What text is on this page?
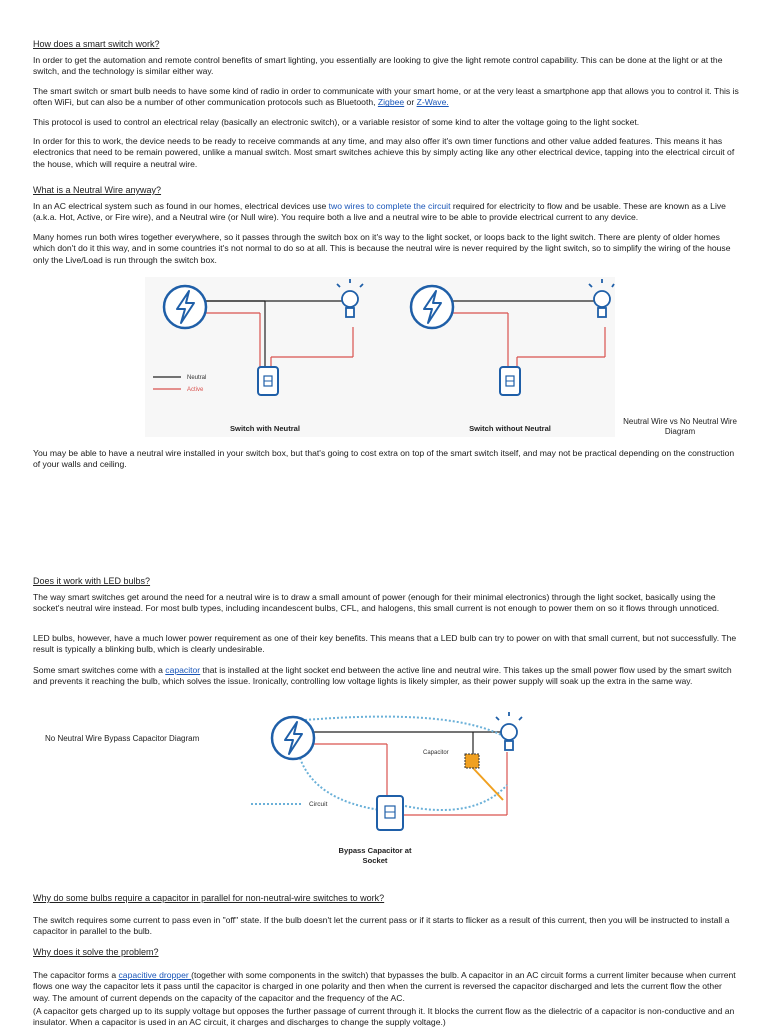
How does a smart switch work?

In order to get the automation and remote control benefits of smart lighting, you essentially are looking to give the light remote control capability. This can be done at the light or at the switch, and the technology is similar either way.

The smart switch or smart bulb needs to have some kind of radio in order to communicate with your smart home, or at the very least a smartphone app that allows you to control it. This is often WiFi, but can also be a number of other communication protocols such as Bluetooth, Zigbee or Z-Wave.

This protocol is used to control an electrical relay (basically an electronic switch), or a variable resistor of some kind to alter the voltage going to the light socket.

In order for this to work, the device needs to be ready to receive commands at any time, and may also offer it's own timer functions and other value added features. This means it has electronics that need to be remain powered, unlike a manual switch. Most smart switches achieve this by simply acting like any other electrical device, tapping into the electrical circuit of the house, which will require a neutral wire.

What is a Neutral Wire anyway?

In an AC electrical system such as found in our homes, electrical devices use two wires to complete the circuit required for electricity to flow and be usable. These are known as a Live (a.k.a. Hot, Active, or Fire wire), and a Neutral wire (or Null wire). You require both a live and a neutral wire to be able to provide electrical current to any device.

Many homes run both wires together everywhere, so it passes through the switch box on it's way to the light socket, or loops back to the light switch. There are plenty of older homes which don't do it this way, and in some countries it's not normal to do so at all. This is because the neutral wire is never required by the light switch, so to simplify the wiring of the house only the Live/Load is run through the switch box.

Neutral
Active
Switch with Neutral	Switch without Neutral
Neutral Wire vs No Neutral Wire Diagram

You may be able to have a neutral wire installed in your switch box, but that's going to cost extra on top of the smart switch itself, and may not be practical depending on the construction of your walls and ceiling.

Does it work with LED bulbs?

The way smart switches get around the need for a neutral wire is to draw a small amount of power (enough for their minimal electronics) through the light socket, basically using the socket's neutral wire instead. For most bulb types, including incandescent bulbs, CFL, and halogens, this small current is not enough to power them on so it flows through unnoticed.

LED bulbs, however, have a much lower power requirement as one of their key benefits. This means that a LED bulb can try to power on with that small current, but not successfully. The result is typically a blinking bulb, which is clearly undesirable.

Some smart switches come with a capacitor that is installed at the light socket end between the active line and neutral wire. This takes up the small power flow used by the smart switch and prevents it reaching the bulb, which solves the issue. Ironically, controlling low voltage lights is likely simpler, as their power supply will soak up the extra in the same way.

No Neutral Wire Bypass Capacitor Diagram
Capacitor
Circuit
Bypass Capacitor at Socket

Why do some bulbs require a capacitor in parallel for non-neutral-wire switches to work?

The switch requires some current to pass even in "off" state. If the bulb doesn't let the current pass or if it starts to flicker as a result of this current, then you will be instructed to install a capacitor in parallel to the bulb.

Why does it solve the problem?

The capacitor forms a capacitive dropper (together with some components in the switch) that bypasses the bulb. A capacitor in an AC circuit forms a current limiter because when current flows one way the capacitor lets it pass until the capacitor is charged in one polarity and then when the current is reversed the capacitor discharged and lets the current flow the other way. The amount of current depends on the capacity of the capacitor and the frequency of the AC.

(A capacitor gets charged up to its supply voltage but opposes the further passage of current through it. It blocks the current flow as the dielectric of a capacitor is non-conductive and an insulator. When a capacitor is used in an AC circuit, it charges and discharges to change the supply voltage.)
